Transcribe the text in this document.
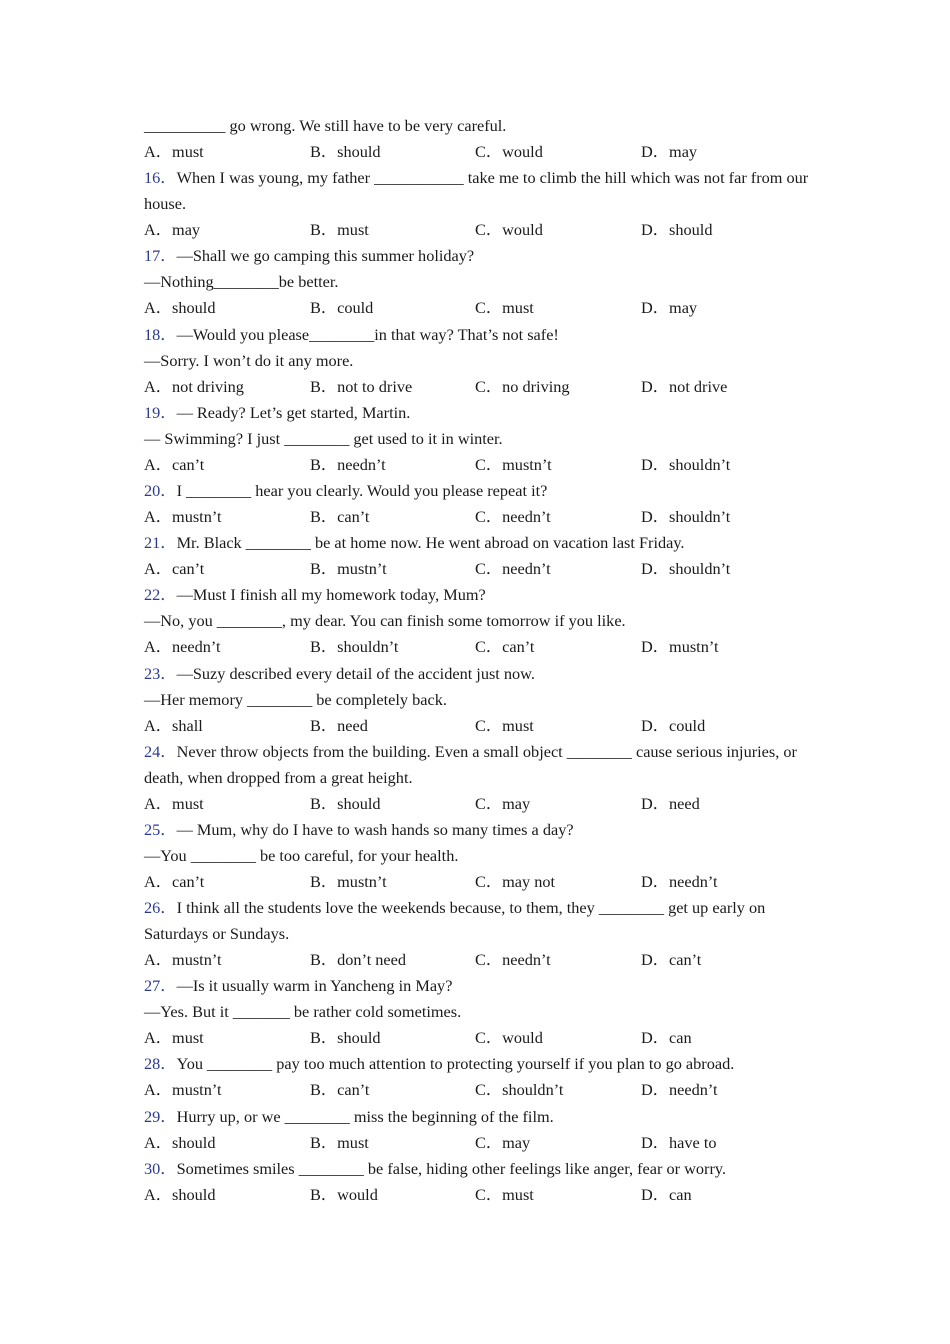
__________ go wrong. We still have to be very careful.
A．must	B．should	C．would	D．may
16．When I was young, my father ___________ take me to climb the hill which was not far from our house.
A．may	B．must	C．would	D．should
17．—Shall we go camping this summer holiday?
—Nothing________be better.
A．should	B．could	C．must	D．may
18．—Would you please________in that way? That’s not safe!
—Sorry. I won’t do it any more.
A．not driving	B．not to drive	C．no driving	D．not drive
19．— Ready? Let’s get started, Martin.
— Swimming? I just ________ get used to it in winter.
A．can’t	B．needn’t	C．mustn’t	D．shouldn’t
20．I ________ hear you clearly. Would you please repeat it?
A．mustn’t	B．can’t	C．needn’t	D．shouldn’t
21．Mr. Black ________ be at home now. He went abroad on vacation last Friday.
A．can’t	B．mustn’t	C．needn’t	D．shouldn’t
22．—Must I finish all my homework today, Mum?
—No, you ________, my dear. You can finish some tomorrow if you like.
A．needn’t	B．shouldn’t	C．can’t	D．mustn’t
23．—Suzy described every detail of the accident just now.
—Her memory ________ be completely back.
A．shall	B．need	C．must	D．could
24．Never throw objects from the building. Even a small object ________ cause serious injuries, or death, when dropped from a great height.
A．must	B．should	C．may	D．need
25．— Mum, why do I have to wash hands so many times a day?
—You ________ be too careful, for your health.
A．can’t	B．mustn’t	C．may not	D．needn’t
26．I think all the students love the weekends because, to them, they ________ get up early on Saturdays or Sundays.
A．mustn’t	B．don’t need	C．needn’t	D．can’t
27．—Is it usually warm in Yancheng in May?
—Yes. But it _______ be rather cold sometimes.
A．must	B．should	C．would	D．can
28．You ________ pay too much attention to protecting yourself if you plan to go abroad.
A．mustn’t	B．can’t	C．shouldn’t	D．needn’t
29．Hurry up, or we ________ miss the beginning of the film.
A．should	B．must	C．may	D．have to
30．Sometimes smiles ________ be false, hiding other feelings like anger, fear or worry.
A．should	B．would	C．must	D．can
